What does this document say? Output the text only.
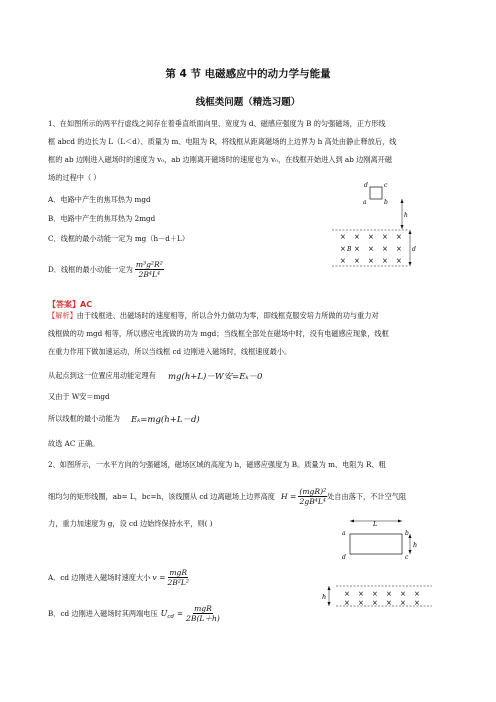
第 4 节 电磁感应中的动力学与能量
线框类问题（精选习题）
1、在如图所示的两平行虚线之间存在着垂直纸面向里、宽度为 d、磁感应强度为 B 的匀强磁场，正方形线
框 abcd 的边长为 L（L＜d）、质量为 m、电阻为 R，将线框从距离磁场的上边界为 h 高处由静止释放后，线
框的 ab 边刚进入磁场时的速度为 v₀，ab 边刚离开磁场时的速度也为 v₀，在线框开始进入到 ab 边刚离开磁
场的过程中（ ）
A．电路中产生的焦耳热为 mgd
B．电路中产生的焦耳热为 2mgd
C．线框的最小动能一定为 mg（h－d＋L）
D．线框的最小动能一定为 $\frac{\text{m³g²R²}}{\text{2B⁴L⁴}}$
d	c
a	b
h
× × × × ×
× × × × ×
× × × × ×
B	d
【答案】AC
【解析】由于线框进、出磁场时的速度相等，所以合外力做功为零，即线框克服安培力所做的功与重力对
线框做的功 mgd 相等，所以感应电流做的功为 mgd；当线框全部处在磁场中时，没有电磁感应现象，线框
在重力作用下做加速运动，所以当线框 cd 边刚进入磁场时，线框速度最小。
从起点到这一位置应用动能定理有 mg(h+L)－W安=Eₖ－0
又由于 W安＝mgd
所以线框的最小动能为 Eₖ=mg(h+L－d)
故选 AC 正确。
2、如图所示，一水平方向的匀强磁场，磁场区域的高度为 h，磁感应强度为 B。质量为 m、电阻为 R、粗
细均匀的矩形线圈，ab= L，bc=h，该线圈从 cd 边离磁场上边界高度 $H = \frac{\text{(mgR)²}}{\text{2gB⁴L⁴}}$ 处自由落下，不计空气阻
力，重力加速度为 g，设 cd 边始终保持水平，则( )
A．cd 边刚进入磁场时速度大小 $v = \frac{\text{mgR}}{\text{2B²L²}}$
B．cd 边刚进入磁场时其两端电压 U cd = $\frac{\text{mgR}}{2B(L+h)}$
L
a	b
d	c
h
h	× × × × × ×
× × × × × ×
